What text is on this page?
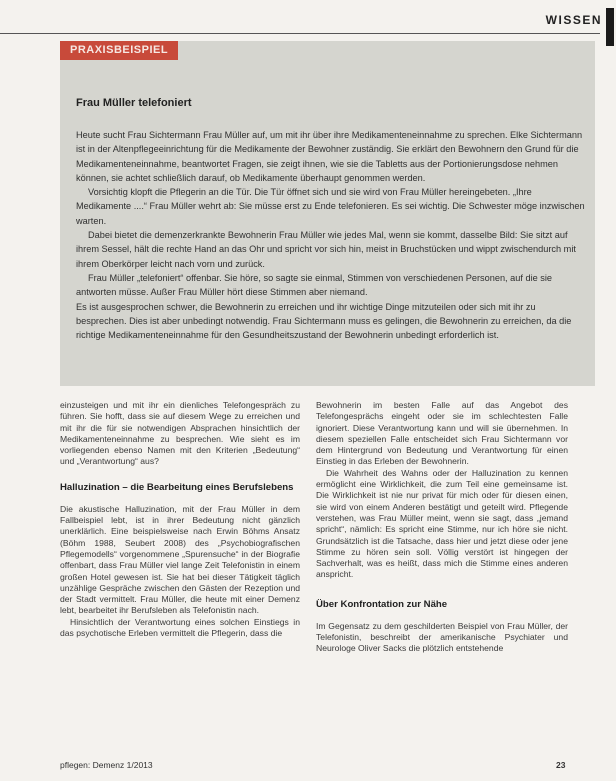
WISSEN
PRAXISBEISPIEL
Frau Müller telefoniert

Heute sucht Frau Sichtermann Frau Müller auf, um mit ihr über ihre Medikamenteneinnahme zu sprechen. Elke Sichtermann ist in der Altenpflegeeinrichtung für die Medikamente der Bewohner zuständig. Sie erklärt den Bewohnern den Grund für die Medikamenteneinnahme, beantwortet Fragen, sie zeigt ihnen, wie sie die Tabletts aus der Portionierungsdose nehmen können, sie achtet schließlich darauf, ob Medikamente überhaupt genommen werden.

Vorsichtig klopft die Pflegerin an die Tür. Die Tür öffnet sich und sie wird von Frau Müller hereingebeten. „Ihre Medikamente ....“ Frau Müller wehrt ab: Sie müsse erst zu Ende telefonieren. Es sei wichtig. Die Schwester möge inzwischen warten.

Dabei bietet die demenzerkrankte Bewohnerin Frau Müller wie jedes Mal, wenn sie kommt, dasselbe Bild: Sie sitzt auf ihrem Sessel, hält die rechte Hand an das Ohr und spricht vor sich hin, meist in Bruchstücken und wippt zwischendurch mit ihrem Oberkörper leicht nach vorn und zurück.

Frau Müller „telefoniert“ offenbar. Sie höre, so sagte sie einmal, Stimmen von verschiedenen Personen, auf die sie antworten müsse. Außer Frau Müller hört diese Stimmen aber niemand.

Es ist ausgesprochen schwer, die Bewohnerin zu erreichen und ihr wichtige Dinge mitzuteilen oder sich mit ihr zu besprechen. Dies ist aber unbedingt notwendig. Frau Sichtermann muss es gelingen, die Bewohnerin zu erreichen, da die richtige Medikamenteneinnahme für den Gesundheitszustand der Bewohnerin unbedingt erforderlich ist.

einzusteigen und mit ihr ein dienliches Telefongespräch zu führen. Sie hofft, dass sie auf diesem Wege zu erreichen und mit ihr die für sie notwendigen Absprachen hinsichtlich der Medikamenteneinnahme zu besprechen. Wie sieht es im vorliegenden ebenso Namen mit den Kriterien „Bedeutung“ und „Verantwortung“ aus?

Halluzination – die Bearbeitung eines Berufslebens

Die akustische Halluzination, mit der Frau Müller in dem Fallbeispiel lebt, ist in ihrer Bedeutung nicht gänzlich unerklärlich. Eine beispielsweise nach Erwin Böhms Ansatz (Böhm 1988, Seubert 2008) des „Psychobiografischen Pflegemodells“ vorgenommene „Spurensuche“ in der Biografie offenbart, dass Frau Müller viel lange Zeit Telefonistin in einem großen Hotel gewesen ist. Sie hat bei dieser Tätigkeit täglich unzählige Gespräche zwischen den Gästen der Rezeption und der Stadt vermittelt. Frau Müller, die heute mit einer Demenz lebt, bearbeitet ihr Berufsleben als Telefonistin nach.

Hinsichtlich der Verantwortung eines solchen Einstiegs in das psychotische Erleben vermittelt die Pflegerin, dass die

Bewohnerin im besten Falle auf das Angebot des Telefongesprächs eingeht oder sie im schlechtesten Falle ignoriert. Diese Verantwortung kann und will sie übernehmen. In diesem speziellen Falle entscheidet sich Frau Sichtermann vor dem Hintergrund von Bedeutung und Verantwortung für einen Einstieg in das Erleben der Bewohnerin.

Die Wahrheit des Wahns oder der Halluzination zu kennen ermöglicht eine Wirklichkeit, die zum Teil eine gemeinsame ist. Die Wirklichkeit ist nie nur privat für mich oder für diesen einen, sie wird von einem Anderen bestätigt und geteilt wird. Pflegende verstehen, was Frau Müller meint, wenn sie sagt, dass „jemand spricht“, nämlich: Es spricht eine Stimme, nur ich höre sie nicht. Grundsätzlich ist die Tatsache, dass hier und jetzt diese oder jene Stimme zu hören sein soll. Völlig verstört ist hingegen der Sachverhalt, was es heißt, dass mich die Stimme eines anderen anspricht.

Über Konfrontation zur Nähe

Im Gegensatz zu dem geschilderten Beispiel von Frau Müller, der Telefonistin, beschreibt der amerikanische Psychiater und Neurologe Oliver Sacks die plötzlich entstehende

pflegen: Demenz 1/2013	23
